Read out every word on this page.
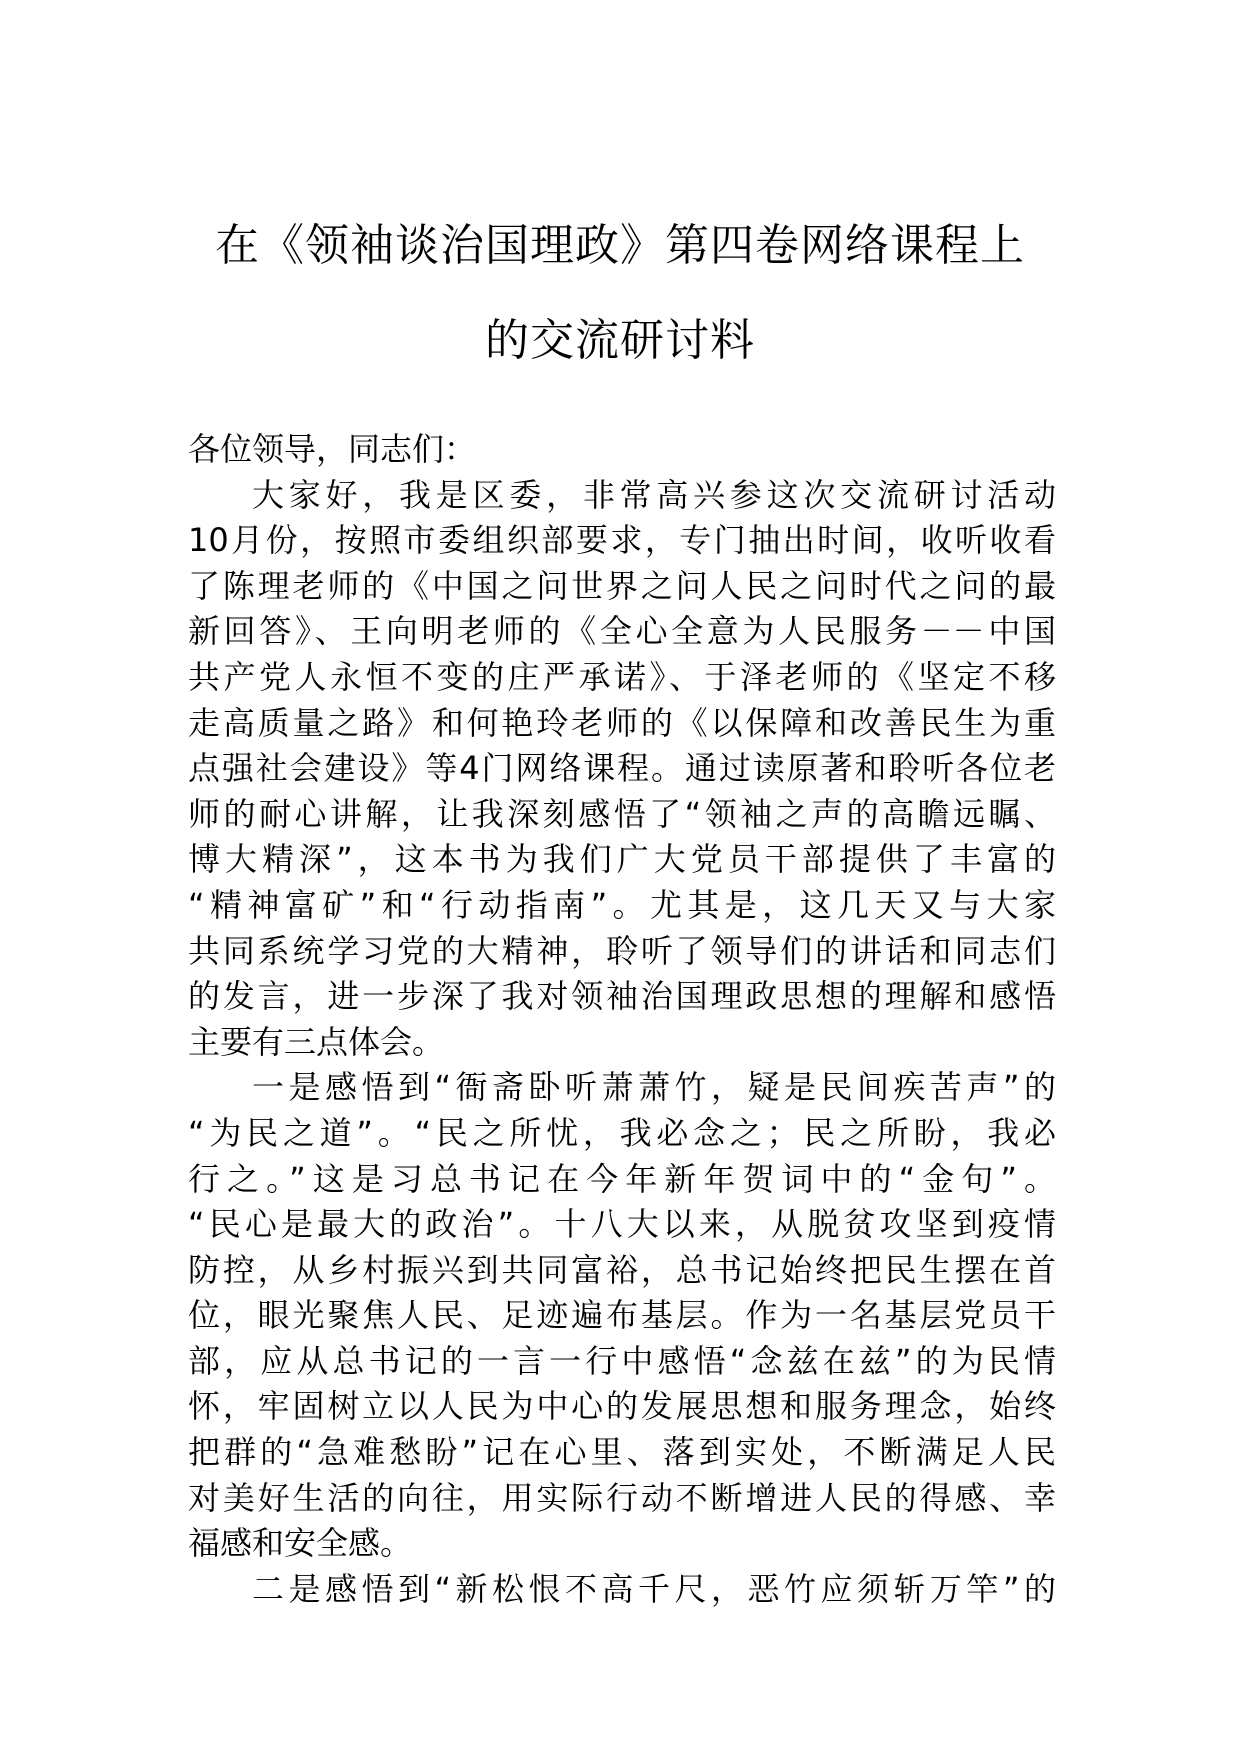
在《领袖谈治国理政》第四卷网络课程上
的交流研讨料
各位领导，同志们：
大家好，我是区委，非常高兴参这次交流研讨活动
10月份，按照市委组织部要求，专门抽出时间，收听收看
了陈理老师的《中国之问世界之问人民之问时代之问的最
新回答》、王向明老师的《全心全意为人民服务－－中国
共产党人永恒不变的庄严承诺》、于泽老师的《坚定不移
走高质量之路》和何艳玲老师的《以保障和改善民生为重
点强社会建设》等4门网络课程。通过读原著和聆听各位老
师的耐心讲解，让我深刻感悟了“领袖之声的高瞻远瞩、
博大精深”，这本书为我们广大党员干部提供了丰富的
“精神富矿”和“行动指南”。尤其是，这几天又与大家
共同系统学习党的大精神，聆听了领导们的讲话和同志们
的发言，进一步深了我对领袖治国理政思想的理解和感悟
主要有三点体会。
一是感悟到“衙斋卧听萧萧竹，疑是民间疾苦声”的
“为民之道”。“民之所忧，我必念之；民之所盼，我必
行之。”这是习总书记在今年新年贺词中的“金句”。
“民心是最大的政治”。十八大以来，从脱贫攻坚到疫情
防控，从乡村振兴到共同富裕，总书记始终把民生摆在首
位，眼光聚焦人民、足迹遍布基层。作为一名基层党员干
部，应从总书记的一言一行中感悟“念兹在兹”的为民情
怀，牢固树立以人民为中心的发展思想和服务理念，始终
把群的“急难愁盼”记在心里、落到实处，不断满足人民
对美好生活的向往，用实际行动不断增进人民的得感、幸
福感和安全感。
二是感悟到“新松恨不高千尺，恶竹应须斩万竿”的
